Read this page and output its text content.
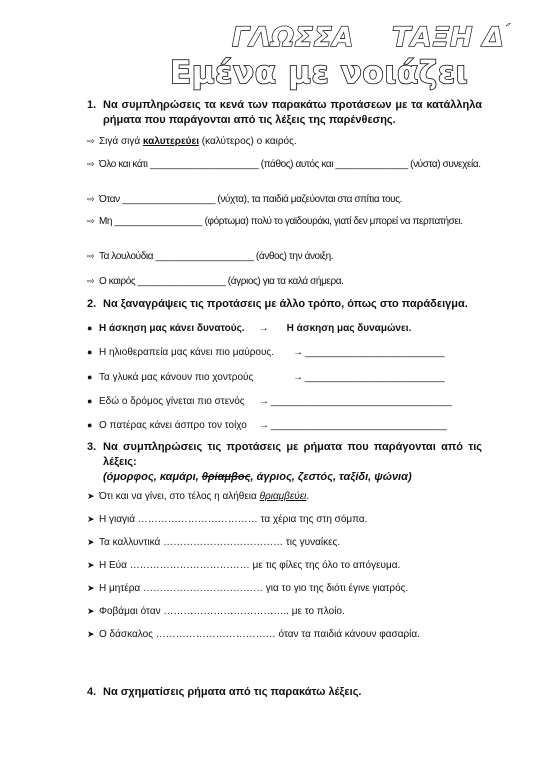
ΓΛΩΣΣΑ ΤΑΞΗ Δ΄
Εμένα με νοιάζει
1. Να συμπληρώσεις τα κενά των παρακάτω προτάσεων με τα κατάλληλα ρήματα που παράγονται από τις λέξεις της παρένθεσης.
⇨ Σιγά σιγά καλυτερεύει (καλύτερος) ο καιρός.
⇨ Όλο και κάτι _____________________ (πάθος) αυτός και ______________ (νύστα) συνεχεία.
⇨ Όταν __________________ (νύχτα), τα παιδιά μαζεύονται στα σπίτια τους.
⇨ Μη _________________ (φόρτωμα) πολύ το γαϊδουράκι, γιατί δεν μπορεί να περπατήσει.
⇨ Τα λουλούδια ___________________ (άνθος) την άνοιξη.
⇨ Ο καιρός _________________ (άγριος) για τα καλά σήμερα.
2. Να ξαναγράψεις τις προτάσεις με άλλο τρόπο, όπως στο παράδειγμα.
● Η άσκηση μας κάνει δυνατούς. → Η άσκηση μας δυναμώνει.
● Η ηλιοθεραπεία μας κάνει πιο μαύρους. → ___________________________
● Τα γλυκά μας κάνουν πιο χοντρούς	→ ___________________________
● Εδώ ο δρόμος γίνεται πιο στενός → ___________________________________
● Ο πατέρας κάνει άσπρο τον τοίχο → __________________________________
3. Να συμπληρώσεις τις προτάσεις με ρήματα που παράγονται από τις λέξεις:
(όμορφος, καμάρι, θρίαμβος, άγριος, ζεστός, ταξίδι, ψώνια)
➤ Ότι και να γίνει, στο τέλος η αλήθεια θριαμβεύει.
➤ Η γιαγιά ……………………………… τα χέρια της στη σόμπα.
➤ Τα καλλυντικά ……………………………… τις γυναίκες.
➤ Η Εύα ……………………………… με τις φίλες της όλο το απόγευμα.
➤ Η μητέρα ……………………………… για το γιο της διότι έγινε γιατρός.
➤ Φοβάμαι όταν ……………………………….. με το πλοίο.
➤ Ο δάσκαλος ……………………………… όταν τα παιδιά κάνουν φασαρία.
4. Να σχηματίσεις ρήματα από τις παρακάτω λέξεις.
